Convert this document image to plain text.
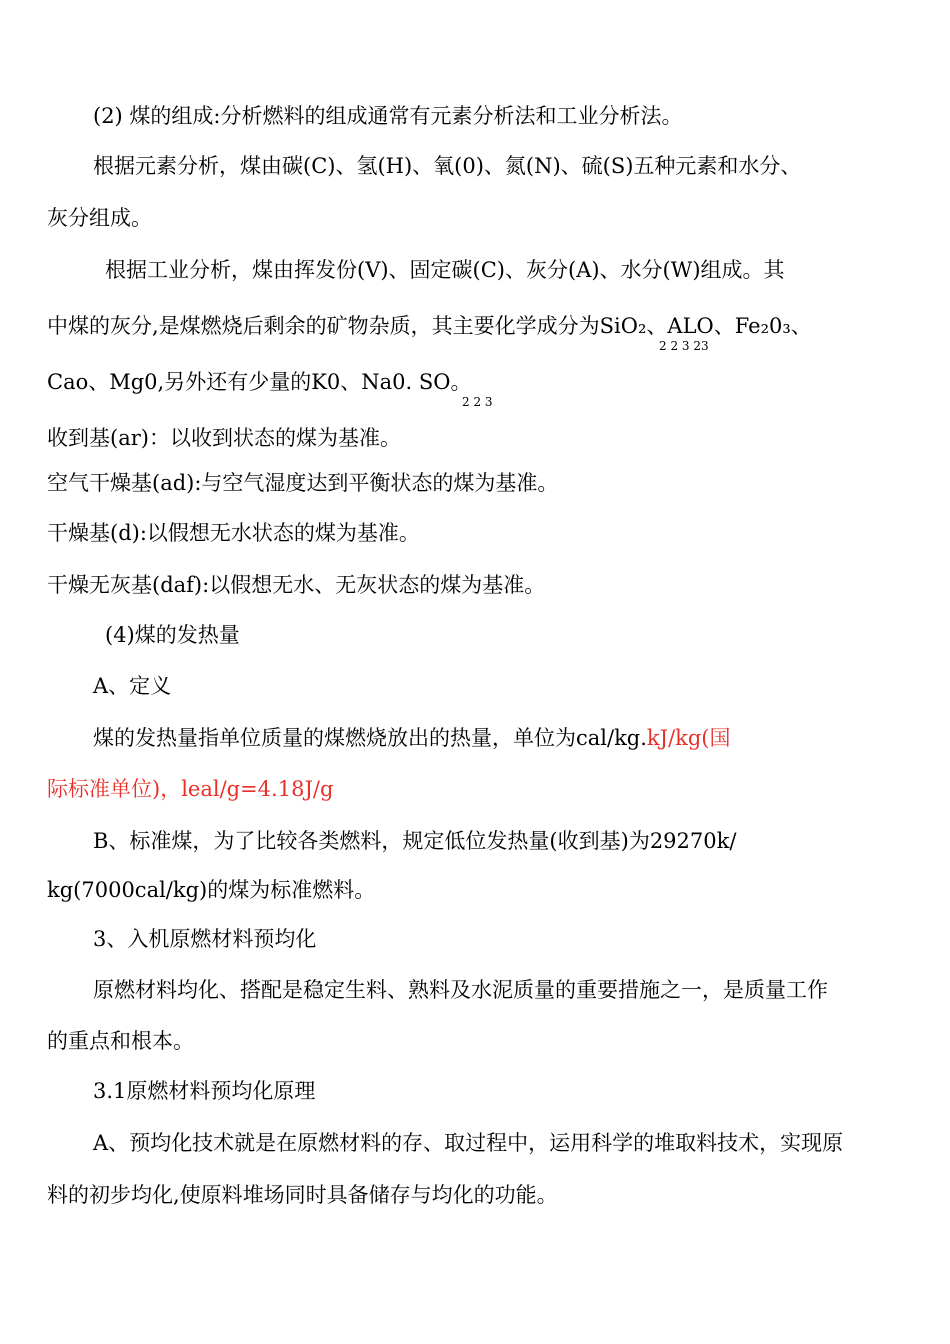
(2) 煤的组成:分析燃料的组成通常有元素分析法和工业分析法。
根据元素分析，煤由碳(C)、氢(H)、氧(0)、氮(N)、硫(S)五种元素和水分、
灰分组成。
根据工业分析，煤由挥发份(V)、固定碳(C)、灰分(A)、水分(W)组成。其
中煤的灰分,是煤燃烧后剩余的矿物杂质，其主要化学成分为SiO₂、ALO、Fe₂0₃、
2 2 3 23
Cao、Mg0,另外还有少量的K0、Na0. SO。
2 2 3
收到基(ar)：以收到状态的煤为基准。
空气干燥基(ad):与空气湿度达到平衡状态的煤为基准。
干燥基(d):以假想无水状态的煤为基准。
干燥无灰基(daf):以假想无水、无灰状态的煤为基准。
(4)煤的发热量
A、定义
煤的发热量指单位质量的煤燃烧放出的热量，单位为cal/kg.kJ/kg(国
际标准单位)，leal/g=4.18J/g
B、标准煤，为了比较各类燃料，规定低位发热量(收到基)为29270k/
kg(7000cal/kg)的煤为标准燃料。
3、入机原燃材料预均化
原燃材料均化、搭配是稳定生料、熟料及水泥质量的重要措施之一，是质量工作
的重点和根本。
3.1原燃材料预均化原理
A、预均化技术就是在原燃材料的存、取过程中，运用科学的堆取料技术，实现原
料的初步均化,使原料堆场同时具备储存与均化的功能。
